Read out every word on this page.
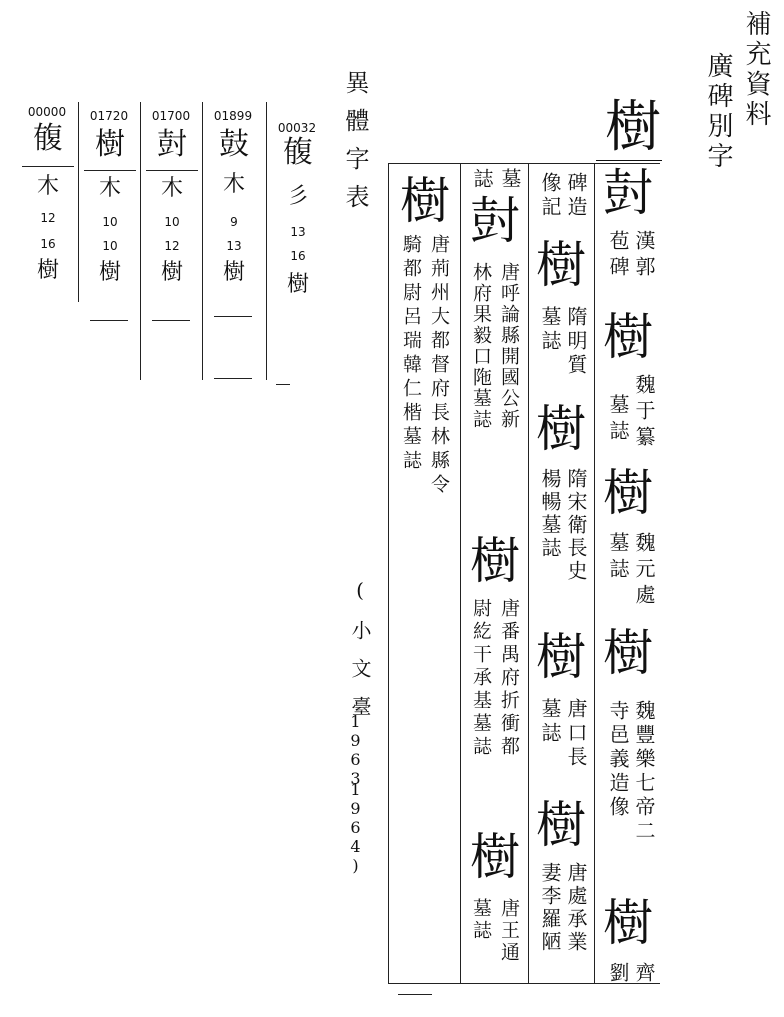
補充資料
廣碑別字
樹
異體字表
00000
㬼
木
12
16
樹
01720
樹
木
10
10
樹
01700
尌
木
10
12
樹
01899
鼓
木
9
13
樹
00032
㬼
彡
13
16
樹
尌
漢郭
苞碑
樹
魏于纂
墓誌
樹
魏元處
墓誌
樹
魏豐樂七帝二
寺邑義造像
樹
齊
劉
碑造
像記
樹
隋明質
墓誌
樹
隋宋衛長史
楊暢墓誌
樹
唐口長
墓誌
樹
唐處承業
妻李羅陋
墓
誌
尌
唐呼論縣開國公新
林府果毅口陁墓誌
樹
唐番禺府折衝都
尉紇干承基墓誌
樹
唐王通
墓誌
樹
唐荊州大都督府長林縣令
騎都尉呂瑞韓仁楷墓誌
(小文臺
1963
1964)
